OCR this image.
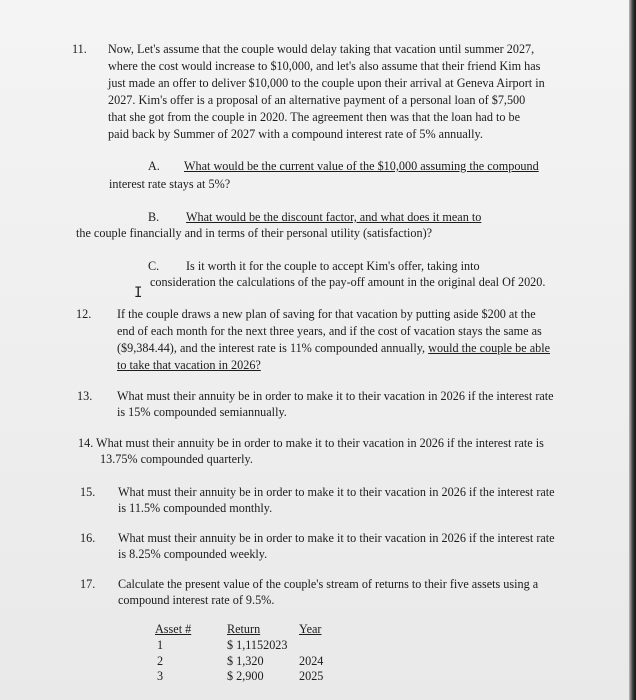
11. Now, Let's assume that the couple would delay taking that vacation until summer 2027,

where the cost would increase to $10,000, and let's also assume that their friend Kim has

just made an offer to deliver $10,000 to the couple upon their arrival at Geneva Airport in

2027. Kim's offer is a proposal of an alternative payment of a personal loan of $7,500

that she got from the couple in 2020. The agreement then was that the loan had to be

paid back by Summer of 2027 with a compound interest rate of 5% annually.

A. What would be the current value of the $10,000 assuming the compound

interest rate stays at 5%?

B. What would be the discount factor, and what does it mean to

the couple financially and in terms of their personal utility (satisfaction)?

C. Is it worth it for the couple to accept Kim's offer, taking into

consideration the calculations of the pay-off amount in the original deal Of 2020.

I

12. If the couple draws a new plan of saving for that vacation by putting aside $200 at the

end of each month for the next three years, and if the cost of vacation stays the same as

($9,384.44), and the interest rate is 11% compounded annually, would the couple be able

to take that vacation in 2026?

13. What must their annuity be in order to make it to their vacation in 2026 if the interest rate

is 15% compounded semiannually.

14. What must their annuity be in order to make it to their vacation in 2026 if the interest rate is

13.75% compounded quarterly.

15. What must their annuity be in order to make it to their vacation in 2026 if the interest rate

is 11.5% compounded monthly.

16. What must their annuity be in order to make it to their vacation in 2026 if the interest rate

is 8.25% compounded weekly.

17. Calculate the present value of the couple's stream of returns to their five assets using a

compound interest rate of 9.5%.

Asset #	Return	Year
1	$ 1,1152023
2	$ 1,320	2024
3	$ 2,900	2025
